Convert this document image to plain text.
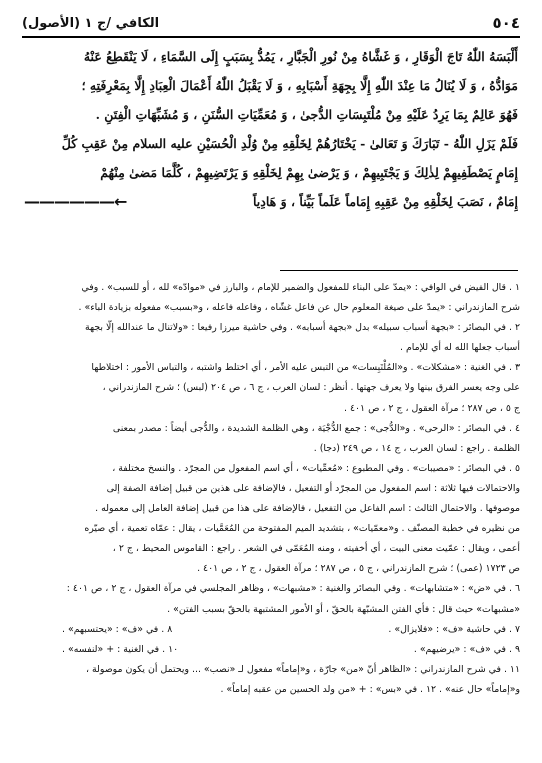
٥٠٤
الكافي /ج ١ (الأصول)
أَلْبَسَهُ اللّٰهُ تَاجَ الْوَقَارِ ، وَ غَشَّاهُ مِنْ نُورِ الْجَبَّارِ ، يَمُدُّ بِسَبَبٍ إِلَى السَّمَاءِ ، لَا يَنْقَطِعُ عَنْهُ
مَوَادُّهُ ، وَ لَا يُنَالُ مَا عِنْدَ اللّٰهِ إِلَّا بِجِهَةِ أَسْبَابِهِ ، وَ لَا يَقْبَلُ اللّٰهُ أَعْمَالَ الْعِبَادِ إِلَّا بِمَعْرِفَتِهِ ؛
فَهُوَ عَالِمٌ بِمَا يَرِدُ عَلَيْهِ مِنْ مُلْتَبِسَاتِ الدُّجىٰ ، وَ مُعَمِّيَاتِ السُّنَنِ ، وَ مُشَبِّهَاتِ الْفِتَنِ .
فَلَمْ يَزَلِ اللّٰهُ - تَبَارَكَ وَ تَعَالىٰ - يَخْتَارُهُمْ لِخَلْقِهِ مِنْ وُلْدِ الْحُسَيْنِ عليه السلام مِنْ عَقِبِ كُلِّ
إِمَامٍ يَصْطَفِيهِمْ لِذٰلِكَ وَ يَجْتَبِيهِمْ ، وَ يَرْضىٰ بِهِمْ لِخَلْقِهِ وَ يَرْتَضِيهِمْ ، كُلَّمَا مَضىٰ مِنْهُمْ
إِمَامٌ ، نَصَبَ لِخَلْقِهِ مِنْ عَقِبِهِ إِمَاماً عَلَماً بَيِّناً ، وَ هَادِياً
←——————
١ . قال الفيض في الوافي : «يمدّ على البناء للمفعول والضمير للإمام ، والبارز في «موادّه» لله ، أو للسبب» . وفي
شرح المازندراني : «يمدّ على صيغة المعلوم حال عن فاعل غشّاه ، وفاعله فاعله ، و«بسبب» مفعوله بزيادة الباء» .
٢ . في البصائر : «بجهة أسباب سبيله» بدل «بجهة أسبابه» . وفي حاشية ميرزا رفيعا : «ولاتنال ما عندالله إلّا بجهة
أسباب جعلها الله له أي للإمام .
٣ . في الغنية : «مشكلات» . و«المُلْتَبِسات» من التبس عليه الأمر ، أي اختلط واشتبه ، والتباس الأمور : اختلاطها
على وجه يعسر الفرق بينها ولا يعرف جهتها . أنظر : لسان العرب ، ج ٦ ، ص ٢٠٤ (لبس) ؛ شرح المازندراني ،
ج ٥ ، ص ٢٨٧ ؛ مرآة العقول ، ج ٢ ، ص ٤٠١ .
٤ . في البصائر : «الرحى» . و«الدُّجى» : جمع الدُّجْيَة ، وهي الظلمة الشديدة ، والدُّجى أيضاً : مصدر بمعنى
الظلمة . راجع : لسان العرب ، ج ١٤ ، ص ٢٤٩ (دجا) .
٥ . في البصائر : «مصيبات» . وفي المطبوع : «مُعمِّيات» ، أي اسم المفعول من المجرّد . والنسخ مختلفة ،
والاحتمالات فيها ثلاثة : اسم المفعول من المجرّد أو التفعيل ، فالإضافة على هذين من قبيل إضافة الصفة إلى
موصوفها . والاحتمال الثالث : اسم الفاعل من التفعيل ، فالإضافة على هذا من قبيل إضافة العامل إلى معموله .
من نظيره في خطبة المصنّف . و«معمّيات» ، بتشديد الميم المفتوحة من المُعَمَّيات ، يقال : عمّاه تعمية ، أي صيّره
أعمى ، ويقال : عمّيت معنى البيت ، أي أخفيته ، ومنه المُعَمّى في الشعر . راجع : القاموس المحيط ، ج ٢ ،
ص ١٧٢٣ (عمى) ؛ شرح المازندراني ، ج ٥ ، ص ٢٨٧ ؛ مرآة العقول ، ج ٢ ، ص ٤٠١ .
٦ . في «ض» : «متشابهات» . وفي البصائر والغنية : «مشبهات» ، وظاهر المجلسي في مرآة العقول ، ج ٢ ، ص ٤٠١ :
«مشبهات» حيث قال : فأي الفتن المشبّهة بالحقّ ، أو الأمور المشتبهة بالحقّ بسبب الفتن» .
٧ . في حاشية «ف» : «فلايزال» .
٨ . في «ف» : «يحتسبهم» .
٩ . في «ف» : «يرضيهم» .
١٠ . في الغنية : + «لنفسه» .
١١ . في شرح المازندراني : «الظاهر أنّ «من» جارّة ، و«إماماً» مفعول لـ «نصب» ... ويحتمل أن يكون موصولة ،
و«إماماً» حال عنه» . ١٢ . في «بس» : + «من ولد الحسين من عقبه إماماً» .
